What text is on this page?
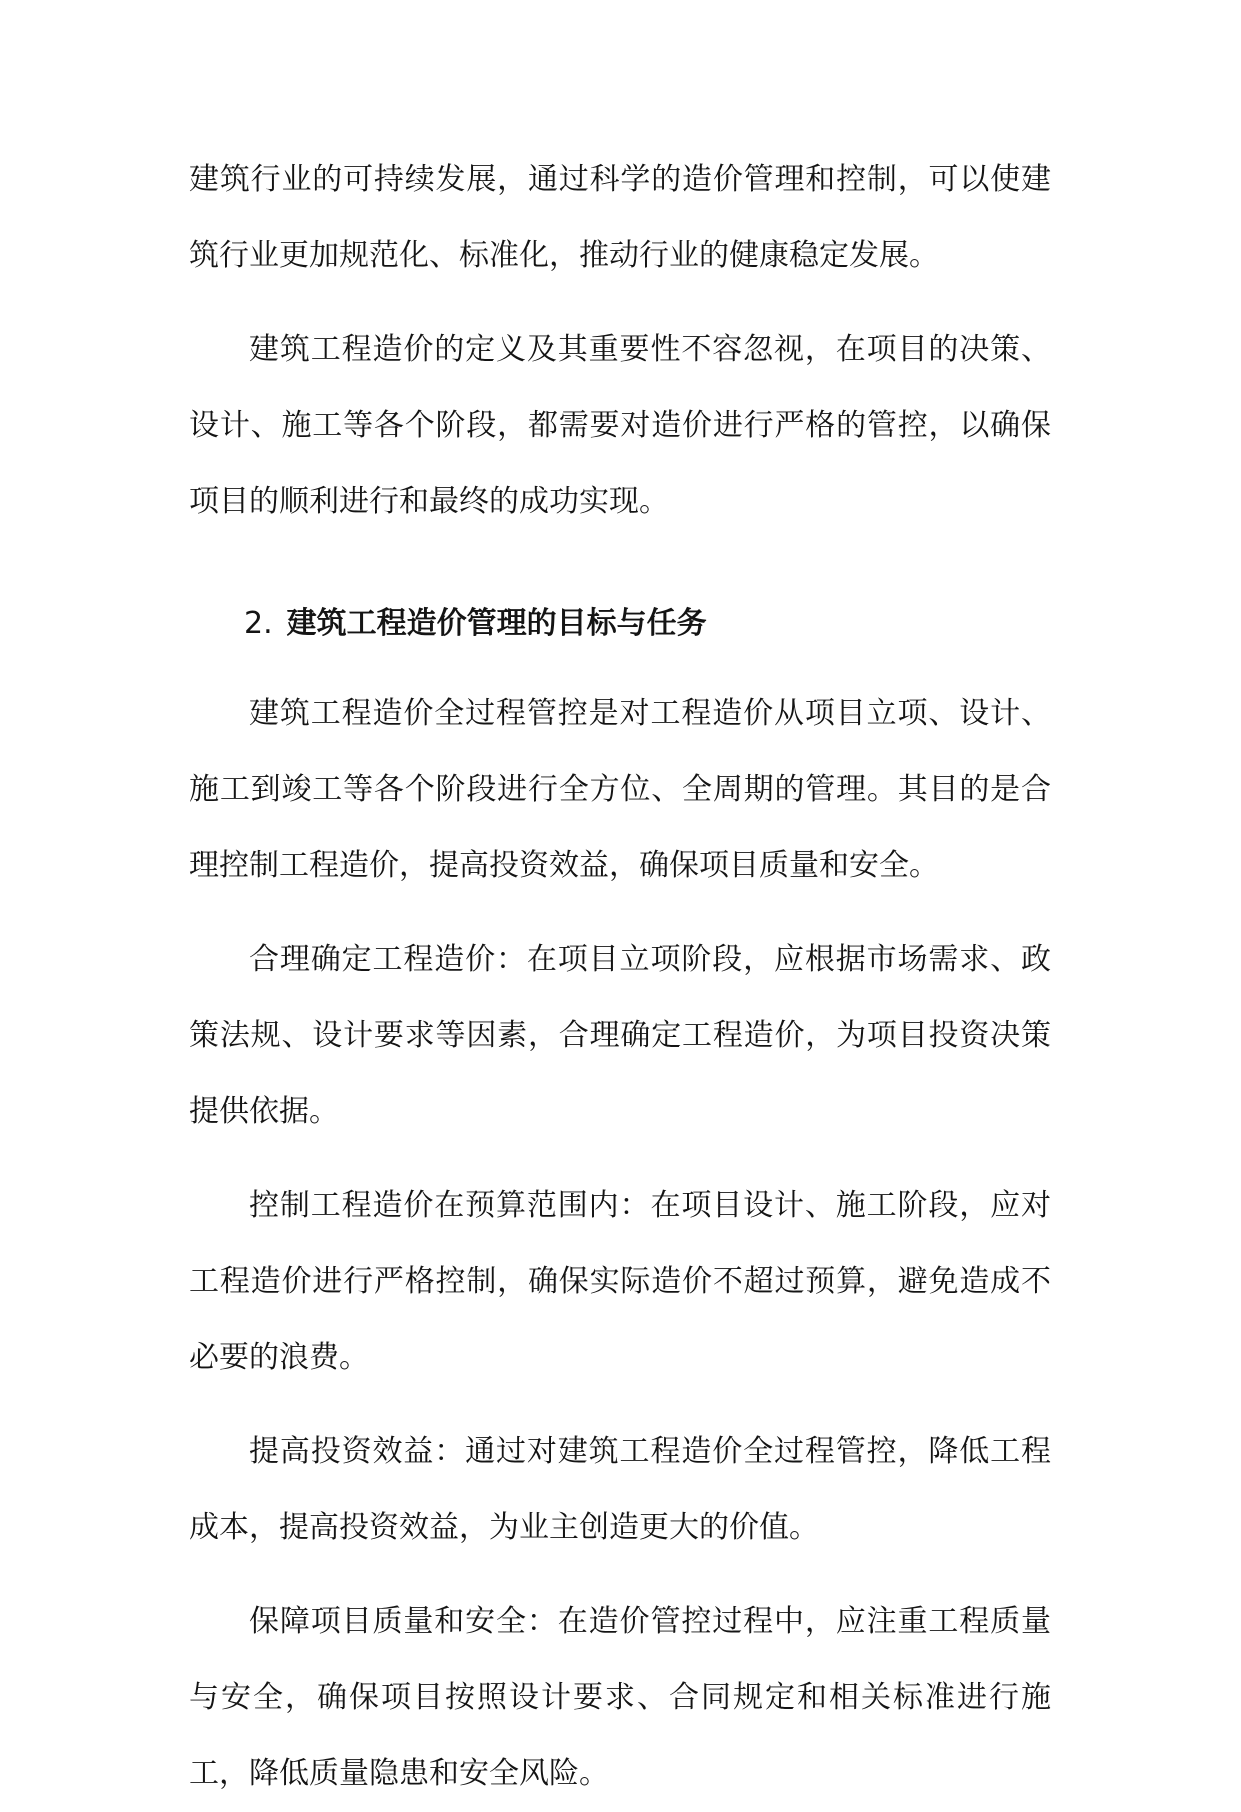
建筑行业的可持续发展，通过科学的造价管理和控制，可以使建筑行业更加规范化、标准化，推动行业的健康稳定发展。

建筑工程造价的定义及其重要性不容忽视，在项目的决策、设计、施工等各个阶段，都需要对造价进行严格的管控，以确保项目的顺利进行和最终的成功实现。

2. 建筑工程造价管理的目标与任务

建筑工程造价全过程管控是对工程造价从项目立项、设计、施工到竣工等各个阶段进行全方位、全周期的管理。其目的是合理控制工程造价，提高投资效益，确保项目质量和安全。

合理确定工程造价：在项目立项阶段，应根据市场需求、政策法规、设计要求等因素，合理确定工程造价，为项目投资决策提供依据。

控制工程造价在预算范围内：在项目设计、施工阶段，应对工程造价进行严格控制，确保实际造价不超过预算，避免造成不必要的浪费。

提高投资效益：通过对建筑工程造价全过程管控，降低工程成本，提高投资效益，为业主创造更大的价值。

保障项目质量和安全：在造价管控过程中，应注重工程质量与安全，确保项目按照设计要求、合同规定和相关标准进行施工，降低质量隐患和安全风险。
